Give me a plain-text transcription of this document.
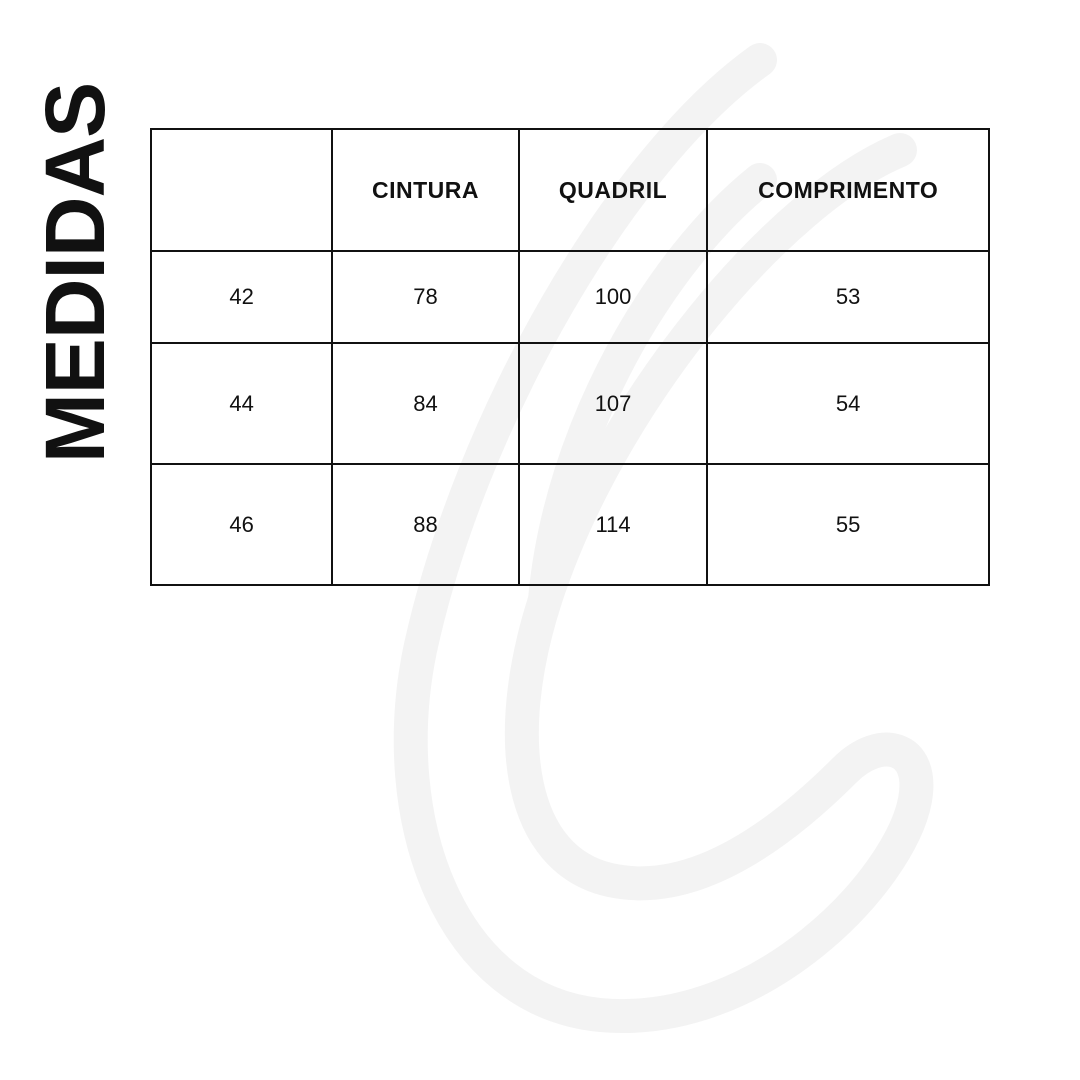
MEDIDAS
		CINTURA	QUADRIL	COMPRIMENTO
42	78	100	53
44	84	107	54
46	88	114	55
